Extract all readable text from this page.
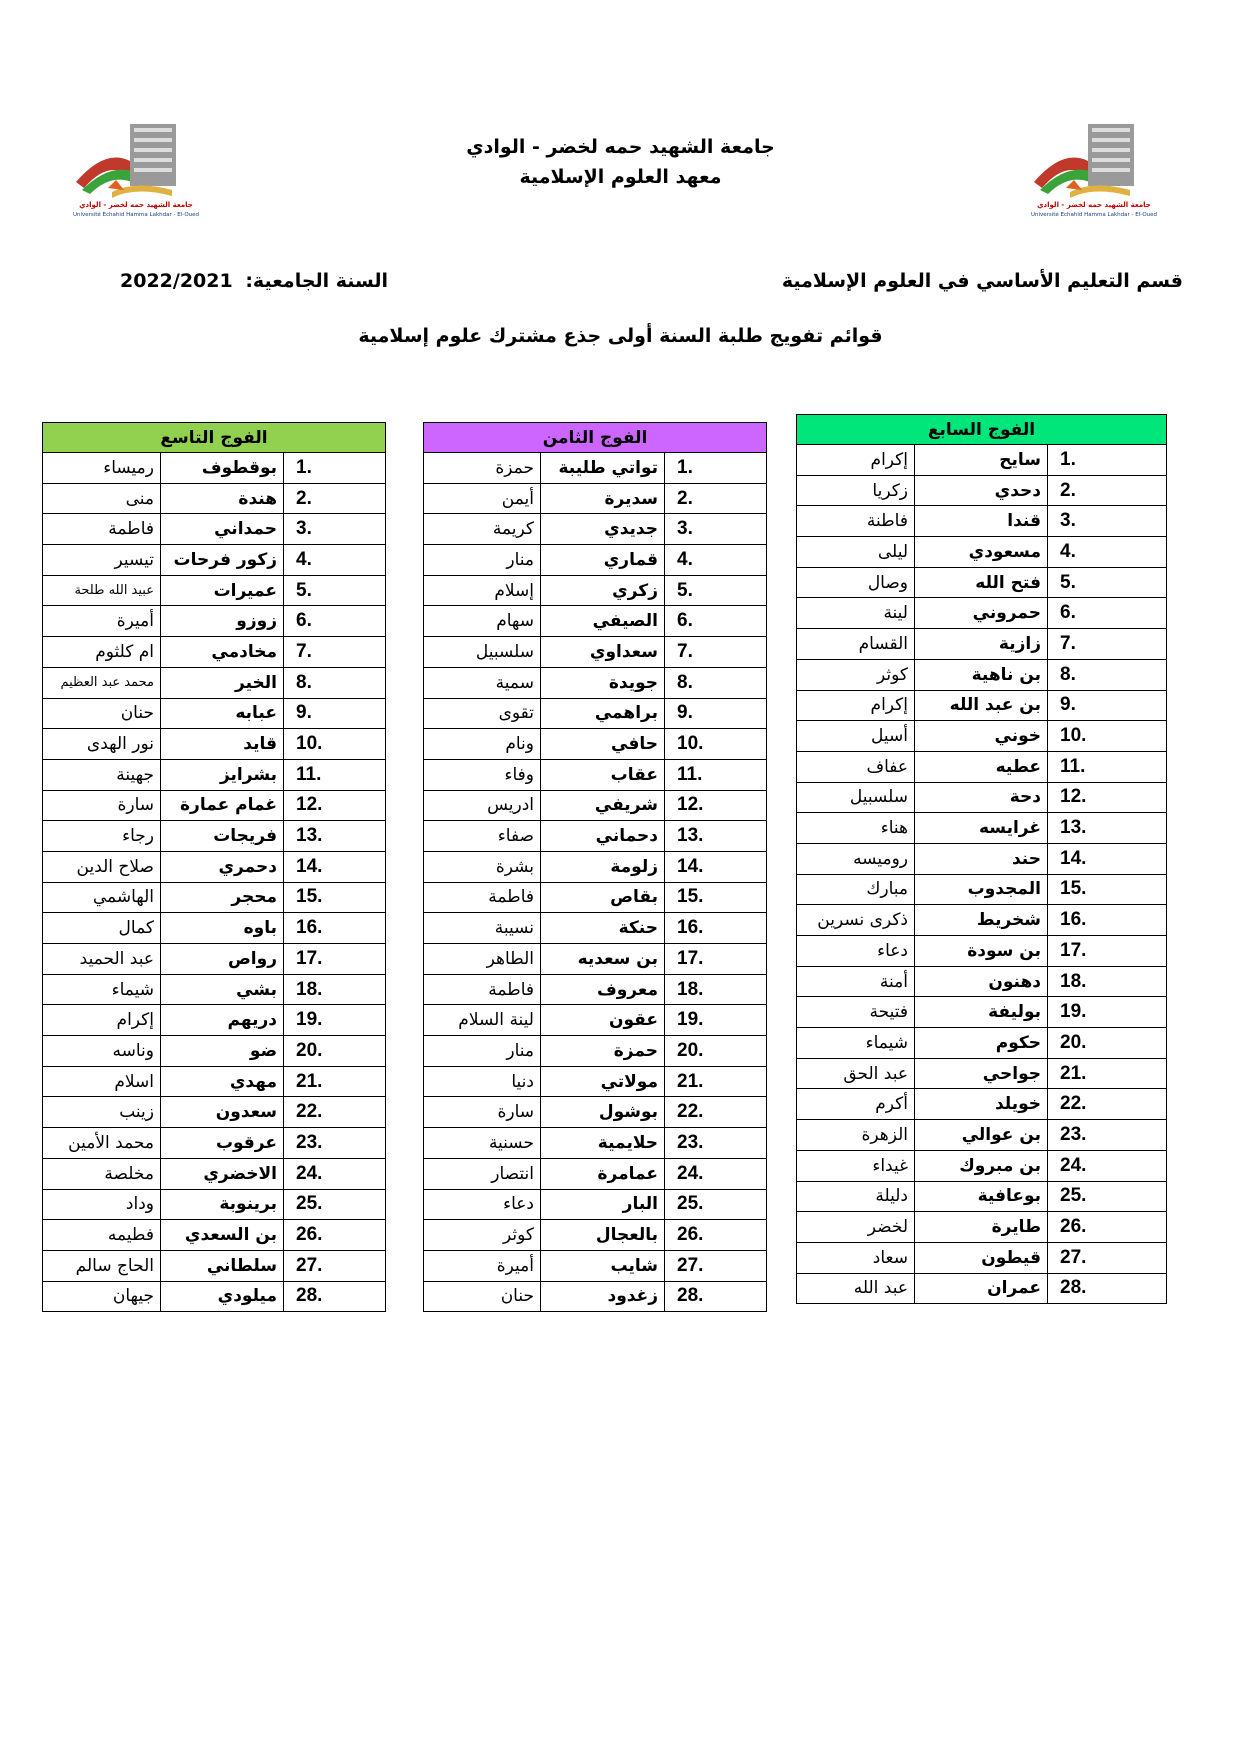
جامعة الشهيد حمه لخضر - الوادي
Université Echahid Hamma Lakhdar - El-Oued
جامعة الشهيد حمه لخضر - الوادي
Université Echahid Hamma Lakhdar - El-Oued
جامعة الشهيد حمه لخضر - الوادي
معهد العلوم الإسلامية
قسم التعليم الأساسي في العلوم الإسلامية
السنة الجامعية: 2022/2021
قوائم تفويج طلبة السنة أولى جذع مشترك علوم إسلامية
الفوج السابع		
إكرام	سايح	1.
زكريا	دحدي	2.
فاطنة	قندا	3.
ليلى	مسعودي	4.
وصال	فتح الله	5.
لينة	حمروني	6.
القسام	زازية	7.
كوثر	بن ناهية	8.
إكرام	بن عبد الله	9.
أسيل	خوني	10.
عفاف	عطيه	11.
سلسبيل	دحة	12.
هناء	غرايسه	13.
روميسه	حند	14.
مبارك	المجدوب	15.
ذكرى نسرين	شخريط	16.
دعاء	بن سودة	17.
أمنة	دهنون	18.
فتيحة	بوليفة	19.
شيماء	حكوم	20.
عبد الحق	جواحي	21.
أكرم	خويلد	22.
الزهرة	بن عوالي	23.
غيداء	بن مبروك	24.
دليلة	بوعافية	25.
لخضر	طايرة	26.
سعاد	قيطون	27.
عبد الله	عمران	28.
الفوج الثامن		
حمزة	تواتي طليبة	1.
أيمن	سديرة	2.
كريمة	جديدي	3.
منار	قماري	4.
إسلام	زكري	5.
سهام	الصيفي	6.
سلسبيل	سعداوي	7.
سمية	جويدة	8.
تقوى	براهمي	9.
ونام	حافي	10.
وفاء	عقاب	11.
ادريس	شريفي	12.
صفاء	دحماني	13.
بشرة	زلومة	14.
فاطمة	بقاص	15.
نسيبة	حنكة	16.
الطاهر	بن سعديه	17.
فاطمة	معروف	18.
لينة السلام	عقون	19.
منار	حمزة	20.
دنيا	مولاتي	21.
سارة	بوشول	22.
حسنية	حلايمية	23.
انتصار	عمامرة	24.
دعاء	البار	25.
كوثر	بالعجال	26.
أميرة	شايب	27.
حنان	زغدود	28.
الفوج التاسع		
رميساء	بوقطوف	1.
منى	هندة	2.
فاطمة	حمداني	3.
تيسير	زكور فرحات	4.
عبيد الله طلحة	عميرات	5.
أميرة	زوزو	6.
ام كلثوم	مخادمي	7.
محمد عبد العظيم	الخير	8.
حنان	عبابه	9.
نور الهدى	قايد	10.
جهينة	بشرايز	11.
سارة	غمام عمارة	12.
رجاء	فريجات	13.
صلاح الدين	دحمري	14.
الهاشمي	محجر	15.
كمال	باوه	16.
عبد الحميد	رواص	17.
شيماء	بشي	18.
إكرام	دريهم	19.
وناسه	ضو	20.
اسلام	مهدي	21.
زينب	سعدون	22.
محمد الأمين	عرقوب	23.
مخلصة	الاخضري	24.
وداد	برينوبة	25.
فطيمه	بن السعدي	26.
الحاج سالم	سلطاني	27.
جيهان	ميلودي	28.
